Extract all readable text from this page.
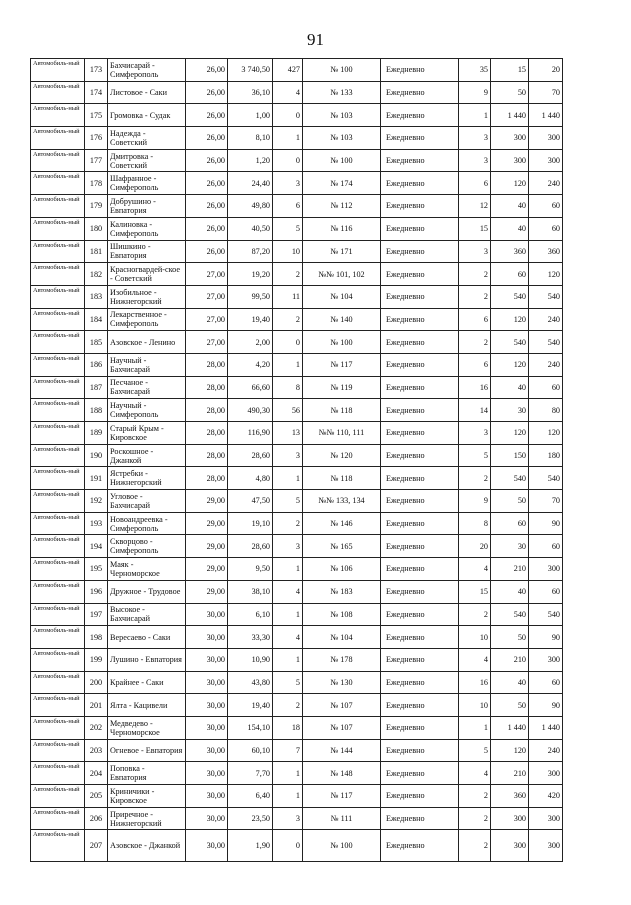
91
Автомобиль-ный	173	Бахчисарай - Симферополь	26,00	3 740,50	427	№ 100	Ежедневно	35	15	20
Автомобиль-ный	174	Листовое - Саки	26,00	36,10	4	№ 133	Ежедневно	9	50	70
Автомобиль-ный	175	Громовка - Судак	26,00	1,00	0	№ 103	Ежедневно	1	1 440	1 440
Автомобиль-ный	176	Надежда - Советский	26,00	8,10	1	№ 103	Ежедневно	3	300	300
Автомобиль-ный	177	Дмитровка - Советский	26,00	1,20	0	№ 100	Ежедневно	3	300	300
Автомобиль-ный	178	Шафранное - Симферополь	26,00	24,40	3	№ 174	Ежедневно	6	120	240
Автомобиль-ный	179	Добрушино - Евпатория	26,00	49,80	6	№ 112	Ежедневно	12	40	60
Автомобиль-ный	180	Калиновка - Симферополь	26,00	40,50	5	№ 116	Ежедневно	15	40	60
Автомобиль-ный	181	Шишкино - Евпатория	26,00	87,20	10	№ 171	Ежедневно	3	360	360
Автомобиль-ный	182	Красногвардей-ское - Советский	27,00	19,20	2	№№ 101, 102	Ежедневно	2	60	120
Автомобиль-ный	183	Изобильное - Нижнегорский	27,00	99,50	11	№ 104	Ежедневно	2	540	540
Автомобиль-ный	184	Лекарственное - Симферополь	27,00	19,40	2	№ 140	Ежедневно	6	120	240
Автомобиль-ный	185	Азовское - Ленино	27,00	2,00	0	№ 100	Ежедневно	2	540	540
Автомобиль-ный	186	Научный - Бахчисарай	28,00	4,20	1	№ 117	Ежедневно	6	120	240
Автомобиль-ный	187	Песчаное - Бахчисарай	28,00	66,60	8	№ 119	Ежедневно	16	40	60
Автомобиль-ный	188	Научный - Симферополь	28,00	490,30	56	№ 118	Ежедневно	14	30	80
Автомобиль-ный	189	Старый Крым - Кировское	28,00	116,90	13	№№ 110, 111	Ежедневно	3	120	120
Автомобиль-ный	190	Роскошное - Джанкой	28,00	28,60	3	№ 120	Ежедневно	5	150	180
Автомобиль-ный	191	Ястребки - Нижнегорский	28,00	4,80	1	№ 118	Ежедневно	2	540	540
Автомобиль-ный	192	Угловое - Бахчисарай	29,00	47,50	5	№№ 133, 134	Ежедневно	9	50	70
Автомобиль-ный	193	Новоандреевка - Симферополь	29,00	19,10	2	№ 146	Ежедневно	8	60	90
Автомобиль-ный	194	Скворцово - Симферополь	29,00	28,60	3	№ 165	Ежедневно	20	30	60
Автомобиль-ный	195	Маяк - Черноморское	29,00	9,50	1	№ 106	Ежедневно	4	210	300
Автомобиль-ный	196	Дружное - Трудовое	29,00	38,10	4	№ 183	Ежедневно	15	40	60
Автомобиль-ный	197	Высокое - Бахчисарай	30,00	6,10	1	№ 108	Ежедневно	2	540	540
Автомобиль-ный	198	Вересаево - Саки	30,00	33,30	4	№ 104	Ежедневно	10	50	90
Автомобиль-ный	199	Лушино - Евпатория	30,00	10,90	1	№ 178	Ежедневно	4	210	300
Автомобиль-ный	200	Крайнее - Саки	30,00	43,80	5	№ 130	Ежедневно	16	40	60
Автомобиль-ный	201	Ялта - Кацивели	30,00	19,40	2	№ 107	Ежедневно	10	50	90
Автомобиль-ный	202	Медведево - Черноморское	30,00	154,10	18	№ 107	Ежедневно	1	1 440	1 440
Автомобиль-ный	203	Огневое - Евпатория	30,00	60,10	7	№ 144	Ежедневно	5	120	240
Автомобиль-ный	204	Поповка - Евпатория	30,00	7,70	1	№ 148	Ежедневно	4	210	300
Автомобиль-ный	205	Криничики - Кировское	30,00	6,40	1	№ 117	Ежедневно	2	360	420
Автомобиль-ный	206	Приречное - Нижнегорский	30,00	23,50	3	№ 111	Ежедневно	2	300	300
Автомобиль-ный	207	Азовское - Джанкой	30,00	1,90	0	№ 100	Ежедневно	2	300	300
